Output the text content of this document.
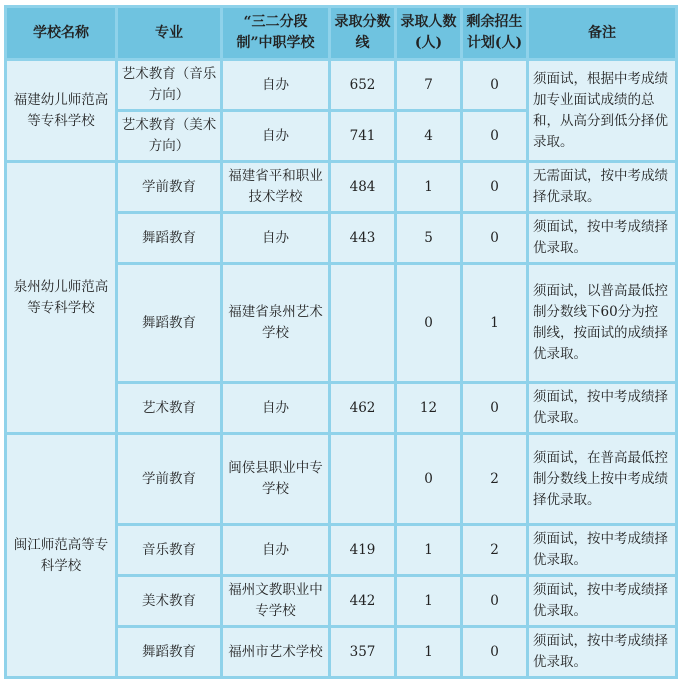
学校名称	专业	“三二分段制”中职学校	录取分数线	录取人数(人)	剩余招生计划(人)	备注
福建幼儿师范高等专科学校	艺术教育（音乐方向）	自办	652	7	0	须面试，根据中考成绩加专业面试成绩的总和，从高分到低分择优录取。
	艺术教育（美术方向）	自办	741	4	0	
泉州幼儿师范高等专科学校	学前教育	福建省平和职业技术学校	484	1	0	无需面试，按中考成绩择优录取。
	舞蹈教育	自办	443	5	0	须面试，按中考成绩择优录取。
	舞蹈教育	福建省泉州艺术学校		0	1	须面试，以普高最低控制分数线下60分为控制线，按面试的成绩择优录取。
	艺术教育	自办	462	12	0	须面试，按中考成绩择优录取。
闽江师范高等专科学校	学前教育	闽侯县职业中专学校		0	2	须面试，在普高最低控制分数线上按中考成绩择优录取。
	音乐教育	自办	419	1	2	须面试，按中考成绩择优录取。
	美术教育	福州文教职业中专学校	442	1	0	须面试，按中考成绩择优录取。
	舞蹈教育	福州市艺术学校	357	1	0	须面试，按中考成绩择优录取。
